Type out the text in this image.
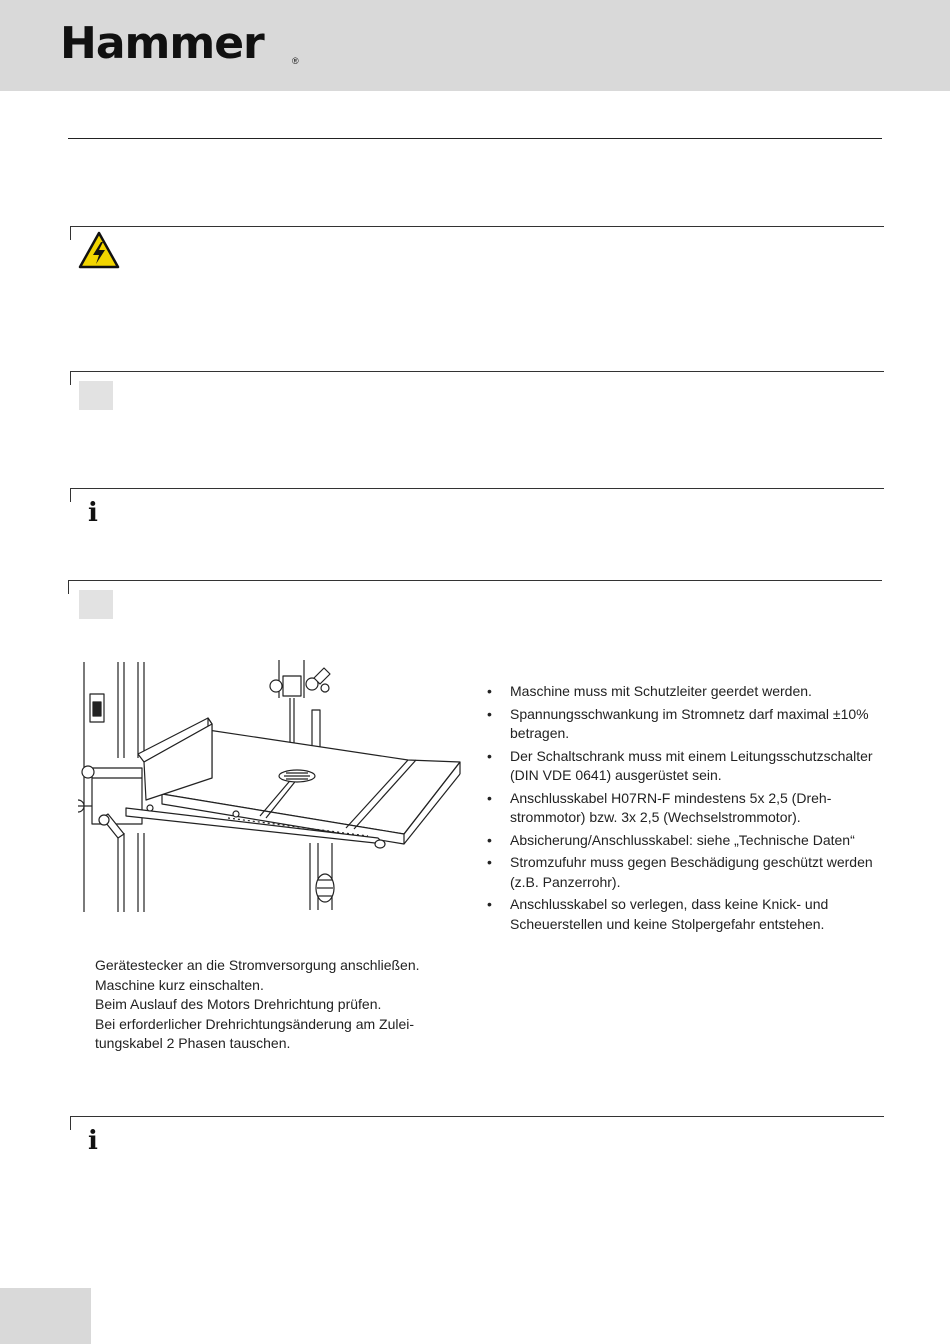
Hammer	®
i
• Maschine muss mit Schutzleiter geerdet werden.
• Spannungsschwankung im Stromnetz darf maximal ±10% betragen.
• Der Schaltschrank muss mit einem Leitungsschutzschalter (DIN VDE 0641) ausgerüstet sein.
• Anschlusskabel H07RN-F mindestens 5x 2,5 (Dreh-strommotor) bzw. 3x 2,5 (Wechselstrommotor).
• Absicherung/Anschlusskabel: siehe „Technische Daten“
• Stromzufuhr muss gegen Beschädigung geschützt werden (z.B. Panzerrohr).
• Anschlusskabel so verlegen, dass keine Knick- und Scheuerstellen und keine Stolpergefahr entstehen.
Gerätestecker an die Stromversorgung anschließen.
Maschine kurz einschalten.
Beim Auslauf des Motors Drehrichtung prüfen.
Bei erforderlicher Drehrichtungsänderung am Zulei-tungskabel 2 Phasen tauschen.
i
